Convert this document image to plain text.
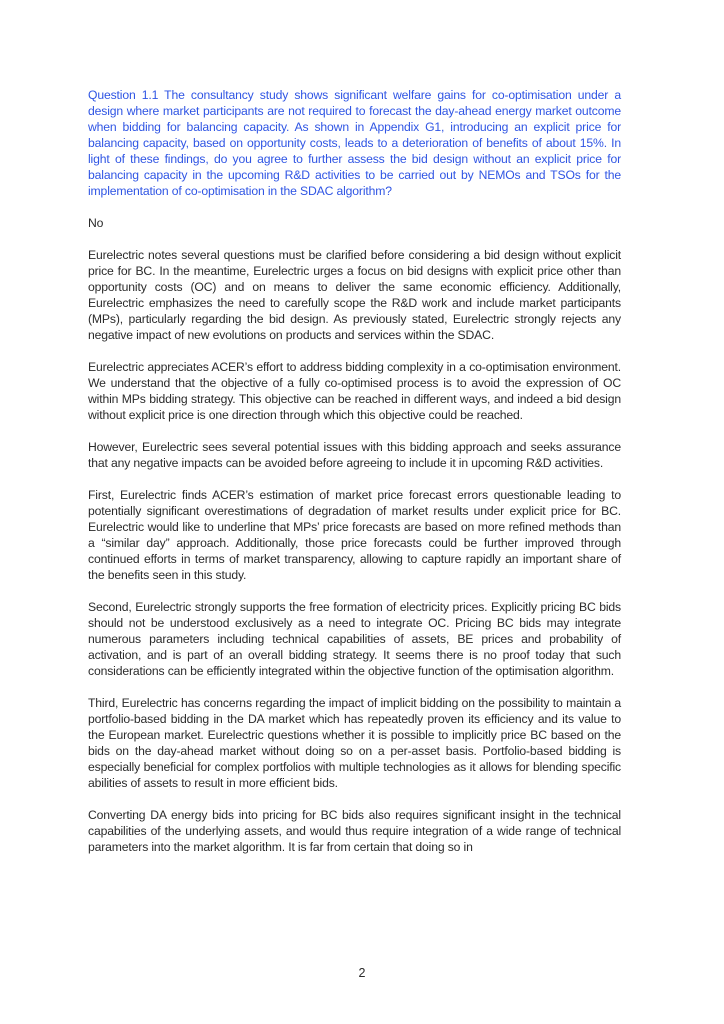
Question 1.1 The consultancy study shows significant welfare gains for co-optimisation under a design where market participants are not required to forecast the day-ahead energy market outcome when bidding for balancing capacity. As shown in Appendix G1, introducing an explicit price for balancing capacity, based on opportunity costs, leads to a deterioration of benefits of about 15%. In light of these findings, do you agree to further assess the bid design without an explicit price for balancing capacity in the upcoming R&D activities to be carried out by NEMOs and TSOs for the implementation of co-optimisation in the SDAC algorithm?

No

Eurelectric notes several questions must be clarified before considering a bid design without explicit price for BC. In the meantime, Eurelectric urges a focus on bid designs with explicit price other than opportunity costs (OC) and on means to deliver the same economic efficiency. Additionally, Eurelectric emphasizes the need to carefully scope the R&D work and include market participants (MPs), particularly regarding the bid design. As previously stated, Eurelectric strongly rejects any negative impact of new evolutions on products and services within the SDAC.

Eurelectric appreciates ACER’s effort to address bidding complexity in a co-optimisation environment. We understand that the objective of a fully co-optimised process is to avoid the expression of OC within MPs bidding strategy. This objective can be reached in different ways, and indeed a bid design without explicit price is one direction through which this objective could be reached.

However, Eurelectric sees several potential issues with this bidding approach and seeks assurance that any negative impacts can be avoided before agreeing to include it in upcoming R&D activities.

First, Eurelectric finds ACER’s estimation of market price forecast errors questionable leading to potentially significant overestimations of degradation of market results under explicit price for BC. Eurelectric would like to underline that MPs’ price forecasts are based on more refined methods than a “similar day” approach. Additionally, those price forecasts could be further improved through continued efforts in terms of market transparency, allowing to capture rapidly an important share of the benefits seen in this study.

Second, Eurelectric strongly supports the free formation of electricity prices. Explicitly pricing BC bids should not be understood exclusively as a need to integrate OC. Pricing BC bids may integrate numerous parameters including technical capabilities of assets, BE prices and probability of activation, and is part of an overall bidding strategy. It seems there is no proof today that such considerations can be efficiently integrated within the objective function of the optimisation algorithm.

Third, Eurelectric has concerns regarding the impact of implicit bidding on the possibility to maintain a portfolio-based bidding in the DA market which has repeatedly proven its efficiency and its value to the European market. Eurelectric questions whether it is possible to implicitly price BC based on the bids on the day-ahead market without doing so on a per-asset basis. Portfolio-based bidding is especially beneficial for complex portfolios with multiple technologies as it allows for blending specific abilities of assets to result in more efficient bids.

Converting DA energy bids into pricing for BC bids also requires significant insight in the technical capabilities of the underlying assets, and would thus require integration of a wide range of technical parameters into the market algorithm. It is far from certain that doing so in

2
